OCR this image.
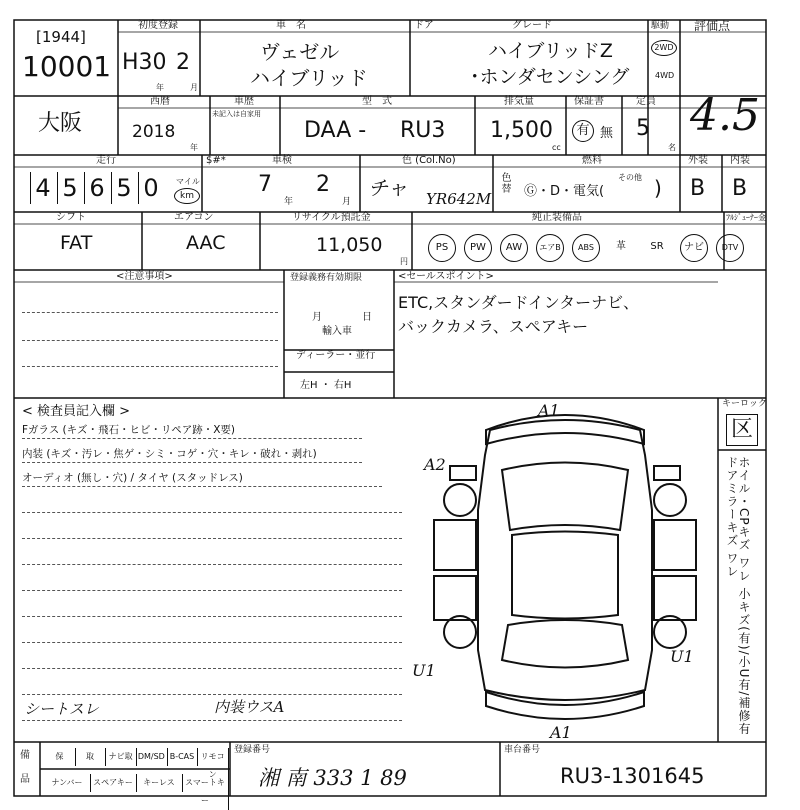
[1944]
10001
初度登録
H30 2
年	月
車　名
ヴェゼル
ハイブリッド
ドア	グレード
ハイブリッドZ
･ホンダセンシング
駆動
2WD
4WD
評価点
4.5
大阪
西暦
2018
年
車歴
未記入は自家用
型　式
DAA - RU3
排気量
1,500
cc
保証書
有 無
定員
5
名
走行	$#*
4 5 6 5 0	マイル
km
車検
7
年
2
月
色 (Col.No)
チャ YR642M
色替
燃料
Ⓖ・D・電気(
その他 )
外装 内装
B B
シフト
FAT
エアコン
AAC
リサイクル預託金
11,050
円
純正装備品	ﾌﾙｼﾞｭｰﾅｰ金
PS	PW	AW	エアB	ABS	革	SR	ナビ	DTV
<注意事項>	登録義務有効期限
月　　　　日
輸入車
ディーラー・並行
左H ・ 右H
<セールスポイント>
ETC,スタンダードインターナビ、
バックカメラ、スペアキー
< 検査員記入欄 >
Fガラス (キズ・飛石・ヒビ・リペア跡・X要)
内装 (キズ・汚レ・焦ゲ・シミ・コゲ・穴・キレ・破れ・剥れ)
オーディオ (無し・穴) / タイヤ (スタッドレス)
シートスレ	内装ウスA
A1
A2
U1
U1
A1
キーロック
区
ホイル・CPキズ ワレ 小キズ(有)/小U有/補修有 ドアミラーキズ ワレ
備
品
保	取	ナビ取 DM/SD B-CAS リモコン
ナンバー	スペアキー	キーレス	スマートキー
登録番号
湘 南 333 1 89
車台番号
RU3-1301645
